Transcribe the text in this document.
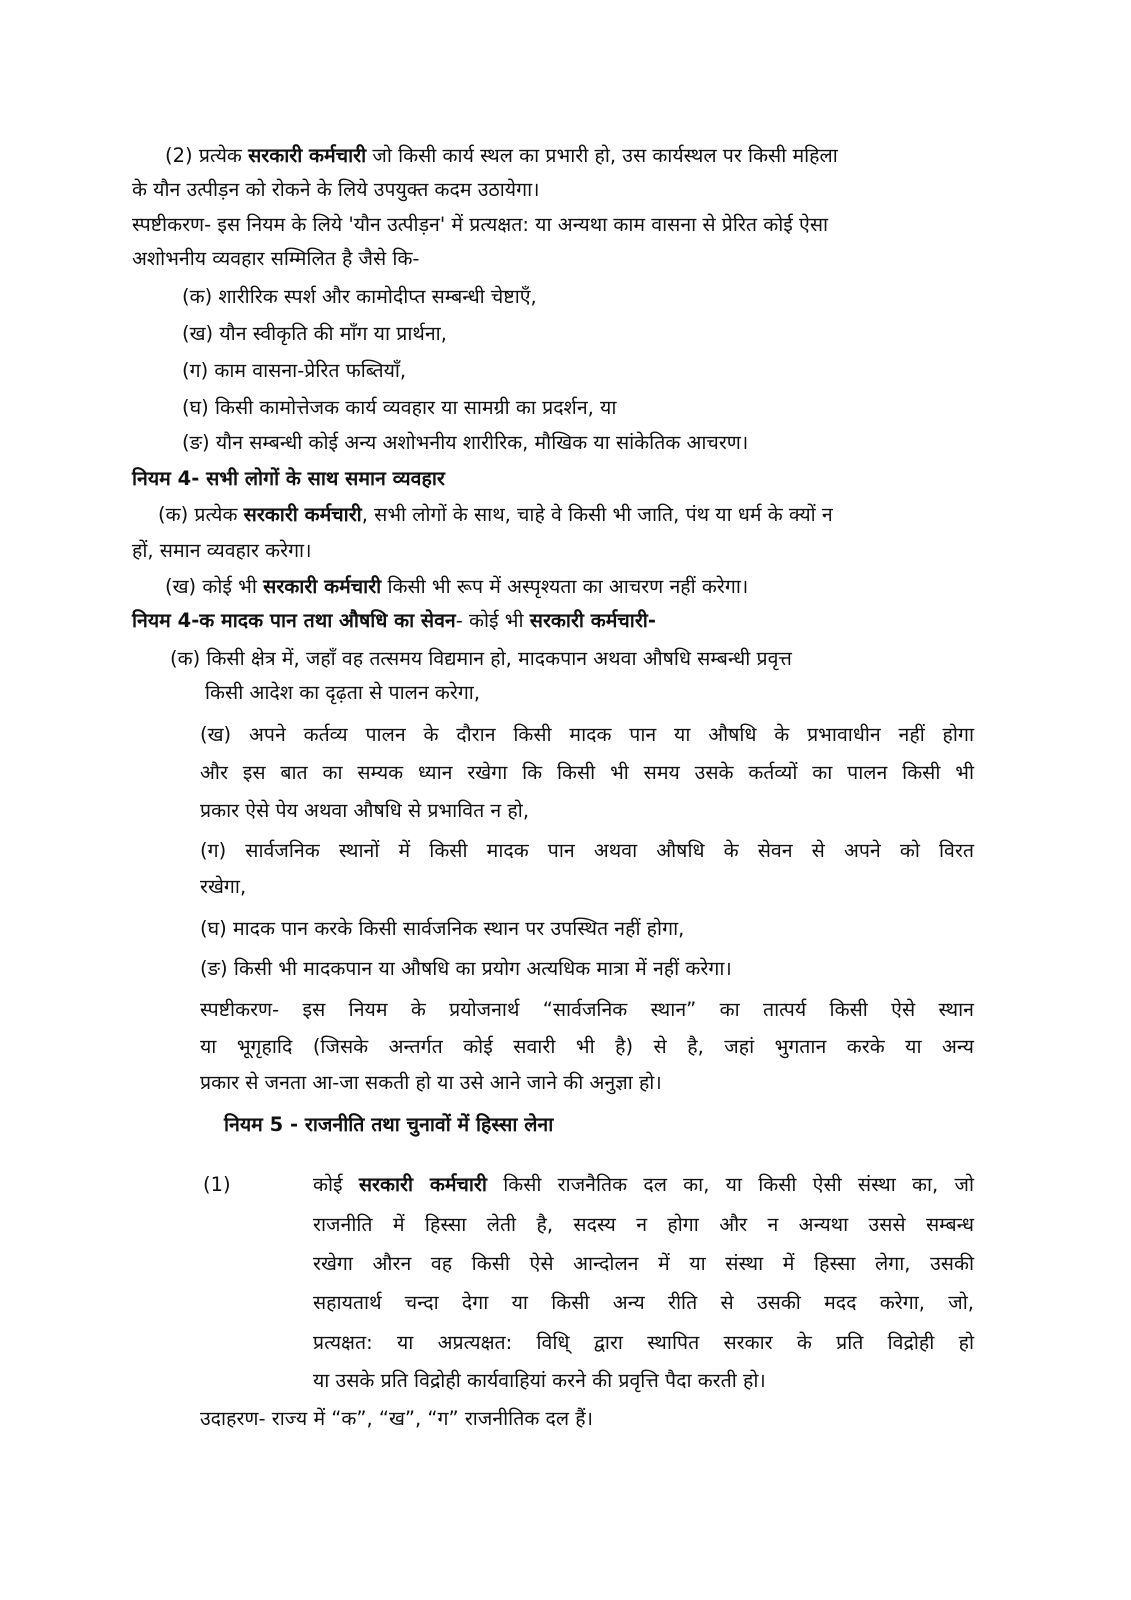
(2) प्रत्येक सरकारी कर्मचारी जो किसी कार्य स्थल का प्रभारी हो, उस कार्यस्थल पर किसी महिला
के यौन उत्पीड़न को रोकने के लिये उपयुक्त कदम उठायेगा।
स्पष्टीकरण- इस नियम के लिये 'यौन उत्पीड़न' में प्रत्यक्षत: या अन्यथा काम वासना से प्रेरित कोई ऐसा
अशोभनीय व्यवहार सम्मिलित है जैसे कि-
(क) शारीरिक स्पर्श और कामोदीप्त सम्बन्धी चेष्टाएँ,
(ख) यौन स्वीकृति की माँग या प्रार्थना,
(ग) काम वासना-प्रेरित फब्तियाँ,
(घ) किसी कामोत्तेजक कार्य व्यवहार या सामग्री का प्रदर्शन, या
(ङ) यौन सम्बन्धी कोई अन्य अशोभनीय शारीरिक, मौखिक या सांकेतिक आचरण।
नियम 4- सभी लोगों के साथ समान व्यवहार
(क) प्रत्येक सरकारी कर्मचारी, सभी लोगों के साथ, चाहे वे किसी भी जाति, पंथ या धर्म के क्यों न
हों, समान व्यवहार करेगा।
(ख) कोई भी सरकारी कर्मचारी किसी भी रूप में अस्पृश्यता का आचरण नहीं करेगा।
नियम 4-क मादक पान तथा औषधि का सेवन- कोई भी सरकारी कर्मचारी-
(क) किसी क्षेत्र में, जहाँ वह तत्समय विद्यमान हो, मादकपान अथवा औषधि सम्बन्धी प्रवृत्त
किसी आदेश का दृढ़ता से पालन करेगा,
(ख) अपने कर्तव्य पालन के दौरान किसी मादक पान या औषधि के प्रभावाधीन नहीं होगा
और इस बात का सम्यक ध्यान रखेगा कि किसी भी समय उसके कर्तव्यों का पालन किसी भी
प्रकार ऐसे पेय अथवा औषधि से प्रभावित न हो,
(ग) सार्वजनिक स्थानों में किसी मादक पान अथवा औषधि के सेवन से अपने को विरत
रखेगा,
(घ) मादक पान करके किसी सार्वजनिक स्थान पर उपस्थित नहीं होगा,
(ङ) किसी भी मादकपान या औषधि का प्रयोग अत्यधिक मात्रा में नहीं करेगा।
स्पष्टीकरण- इस नियम के प्रयोजनार्थ “सार्वजनिक स्थान” का तात्पर्य किसी ऐसे स्थान
या भूगृहादि (जिसके अन्तर्गत कोई सवारी भी है) से है, जहां भुगतान करके या अन्य
प्रकार से जनता आ-जा सकती हो या उसे आने जाने की अनुज्ञा हो।
नियम 5 - राजनीति तथा चुनावों में हिस्सा लेना
(1)	कोई सरकारी कर्मचारी किसी राजनैतिक दल का, या किसी ऐसी संस्था का, जो
राजनीति में हिस्सा लेती है, सदस्य न होगा और न अन्यथा उससे सम्बन्ध
रखेगा औरन वह किसी ऐसे आन्दोलन में या संस्था में हिस्सा लेगा, उसकी
सहायतार्थ चन्दा देगा या किसी अन्य रीति से उसकी मदद करेगा, जो,
प्रत्यक्षत: या अप्रत्यक्षत: विधि् द्वारा स्थापित सरकार के प्रति विद्रोही हो
या उसके प्रति विद्रोही कार्यवाहियां करने की प्रवृत्ति पैदा करती हो।
उदाहरण- राज्य में “क”, “ख”, “ग” राजनीतिक दल हैं।
